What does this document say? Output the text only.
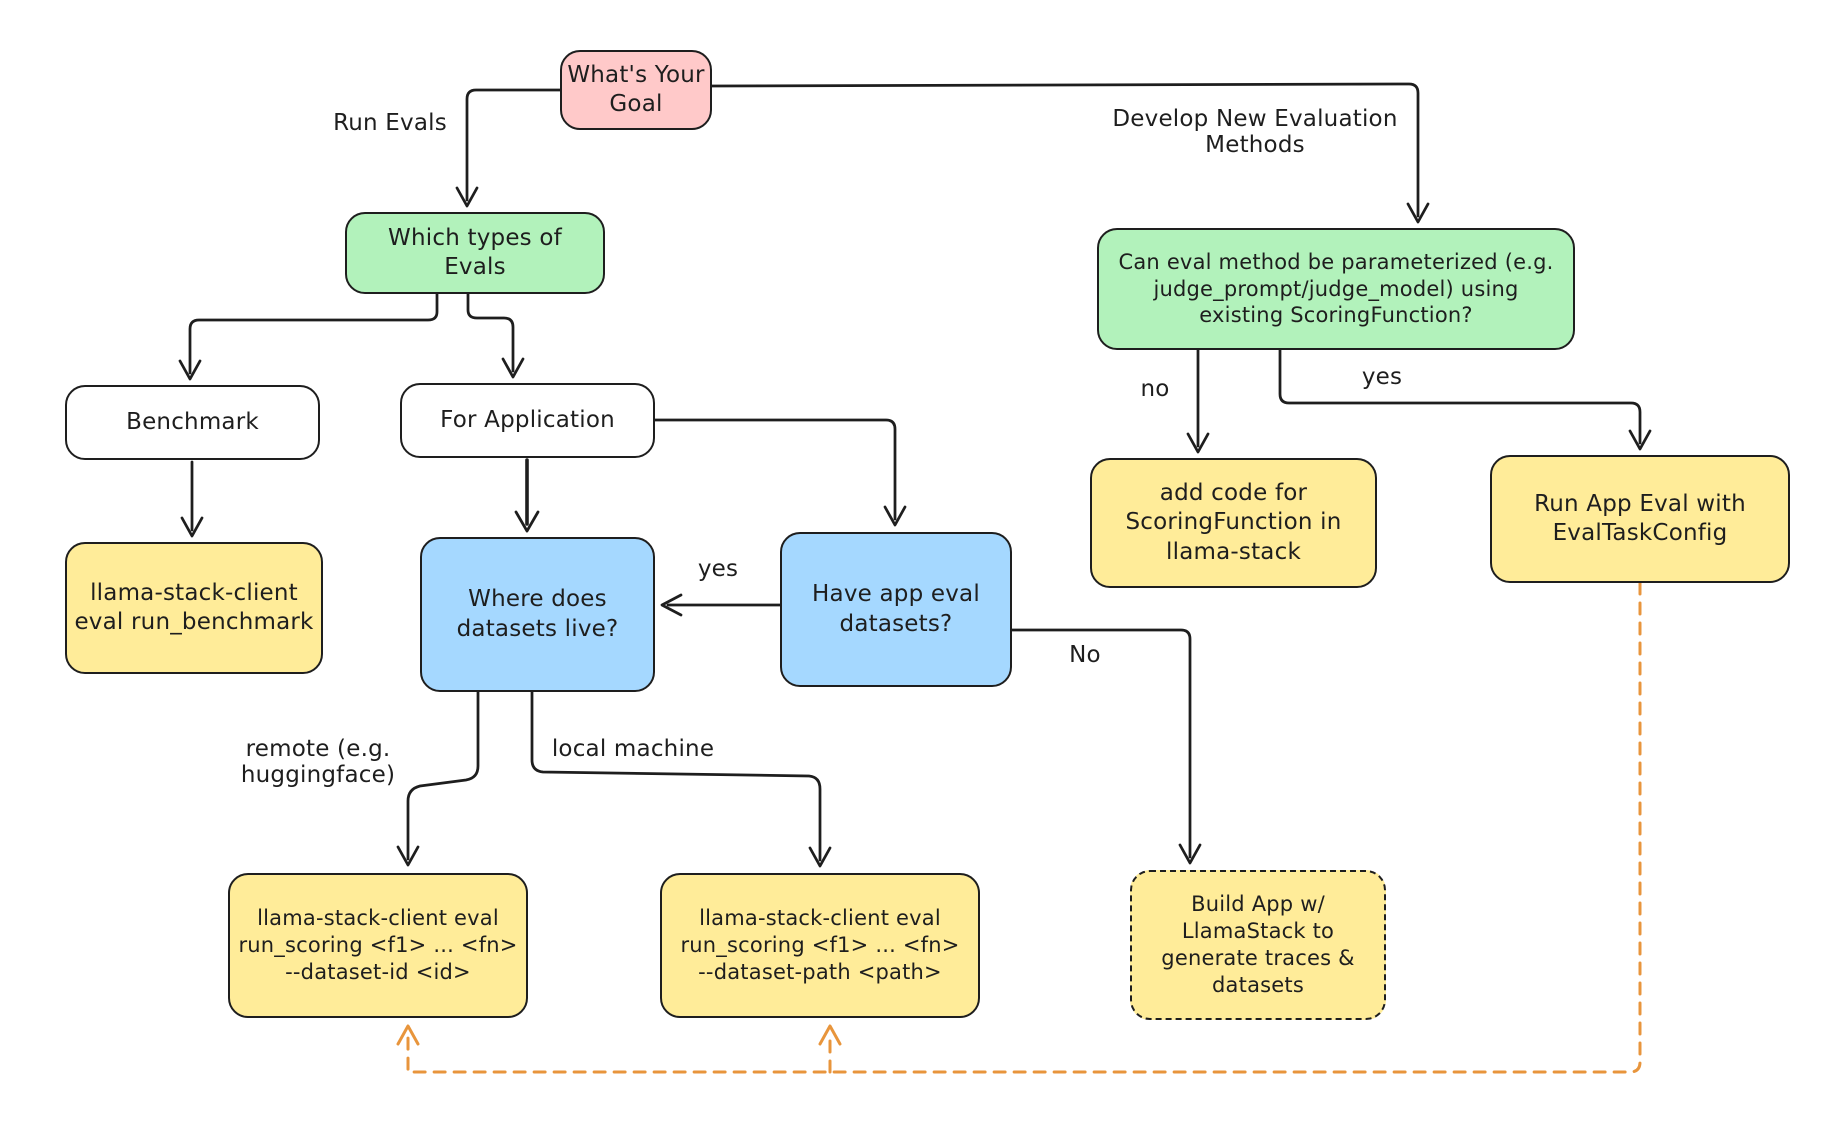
What's Your
Goal
Which types of
Evals	Can eval method be parameterized (e.g.
judge_prompt/judge_model) using
existing ScoringFunction?
Benchmark	For Application
llama-stack-client
eval run_benchmark
Where does
datasets live?
Have app eval
datasets?
add code for
ScoringFunction in
llama-stack
Run App Eval with
EvalTaskConfig
llama-stack-client eval
run_scoring <f1> ... <fn>
--dataset-id <id>
llama-stack-client eval
run_scoring <f1> ... <fn>
--dataset-path <path>
Build App w/
LlamaStack to
generate traces &
datasets
Run Evals	Develop New Evaluation Methods
no	yes
yes
No
remote (e.g. huggingface)
local machine
